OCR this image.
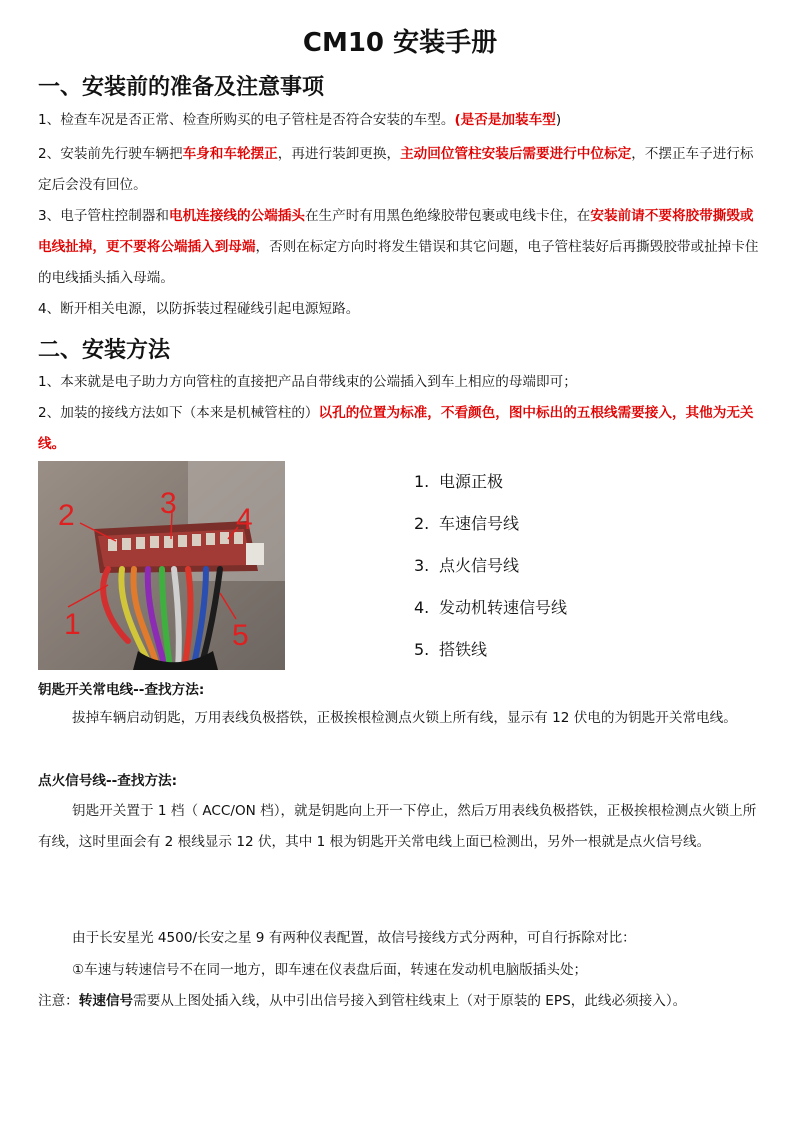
CM10 安装手册
一、安装前的准备及注意事项
1、检查车况是否正常、检查所购买的电子管柱是否符合安装的车型。(是否是加装车型)
2、安装前先行驶车辆把车身和车轮摆正，再进行装卸更换，主动回位管柱安装后需要进行中位标定，不摆正车子进行标定后会没有回位。
3、电子管柱控制器和电机连接线的公端插头在生产时有用黑色绝缘胶带包裹或电线卡住，在安装前请不要将胶带撕毁或电线扯掉，更不要将公端插入到母端，否则在标定方向时将发生错误和其它问题，电子管柱装好后再撕毁胶带或扯掉卡住的电线插头插入母端。
4、断开相关电源，以防拆装过程碰线引起电源短路。
二、安装方法
1、本来就是电子助力方向管柱的直接把产品自带线束的公端插入到车上相应的母端即可；
2、加装的接线方法如下（本来是机械管柱的）以孔的位置为标准，不看颜色，图中标出的五根线需要接入，其他为无关线。
1
2	3 4
5
1. 电源正极
2. 车速信号线
3. 点火信号线
4. 发动机转速信号线
5. 搭铁线
钥匙开关常电线--查找方法:
拔掉车辆启动钥匙，万用表线负极搭铁，正极挨根检测点火锁上所有线，显示有 12 伏电的为钥匙开关常电线。
点火信号线--查找方法:
钥匙开关置于 1 档（ ACC/ON 档），就是钥匙向上开一下停止，然后万用表线负极搭铁，正极挨根检测点火锁上所有线，这时里面会有 2 根线显示 12 伏，其中 1 根为钥匙开关常电线上面已检测出，另外一根就是点火信号线。
由于长安星光 4500/长安之星 9 有两种仪表配置，故信号接线方式分两种，可自行拆除对比：
①车速与转速信号不在同一地方，即车速在仪表盘后面，转速在发动机电脑版插头处；
注意：转速信号需要从上图处插入线，从中引出信号接入到管柱线束上（对于原装的 EPS，此线必须接入）。
